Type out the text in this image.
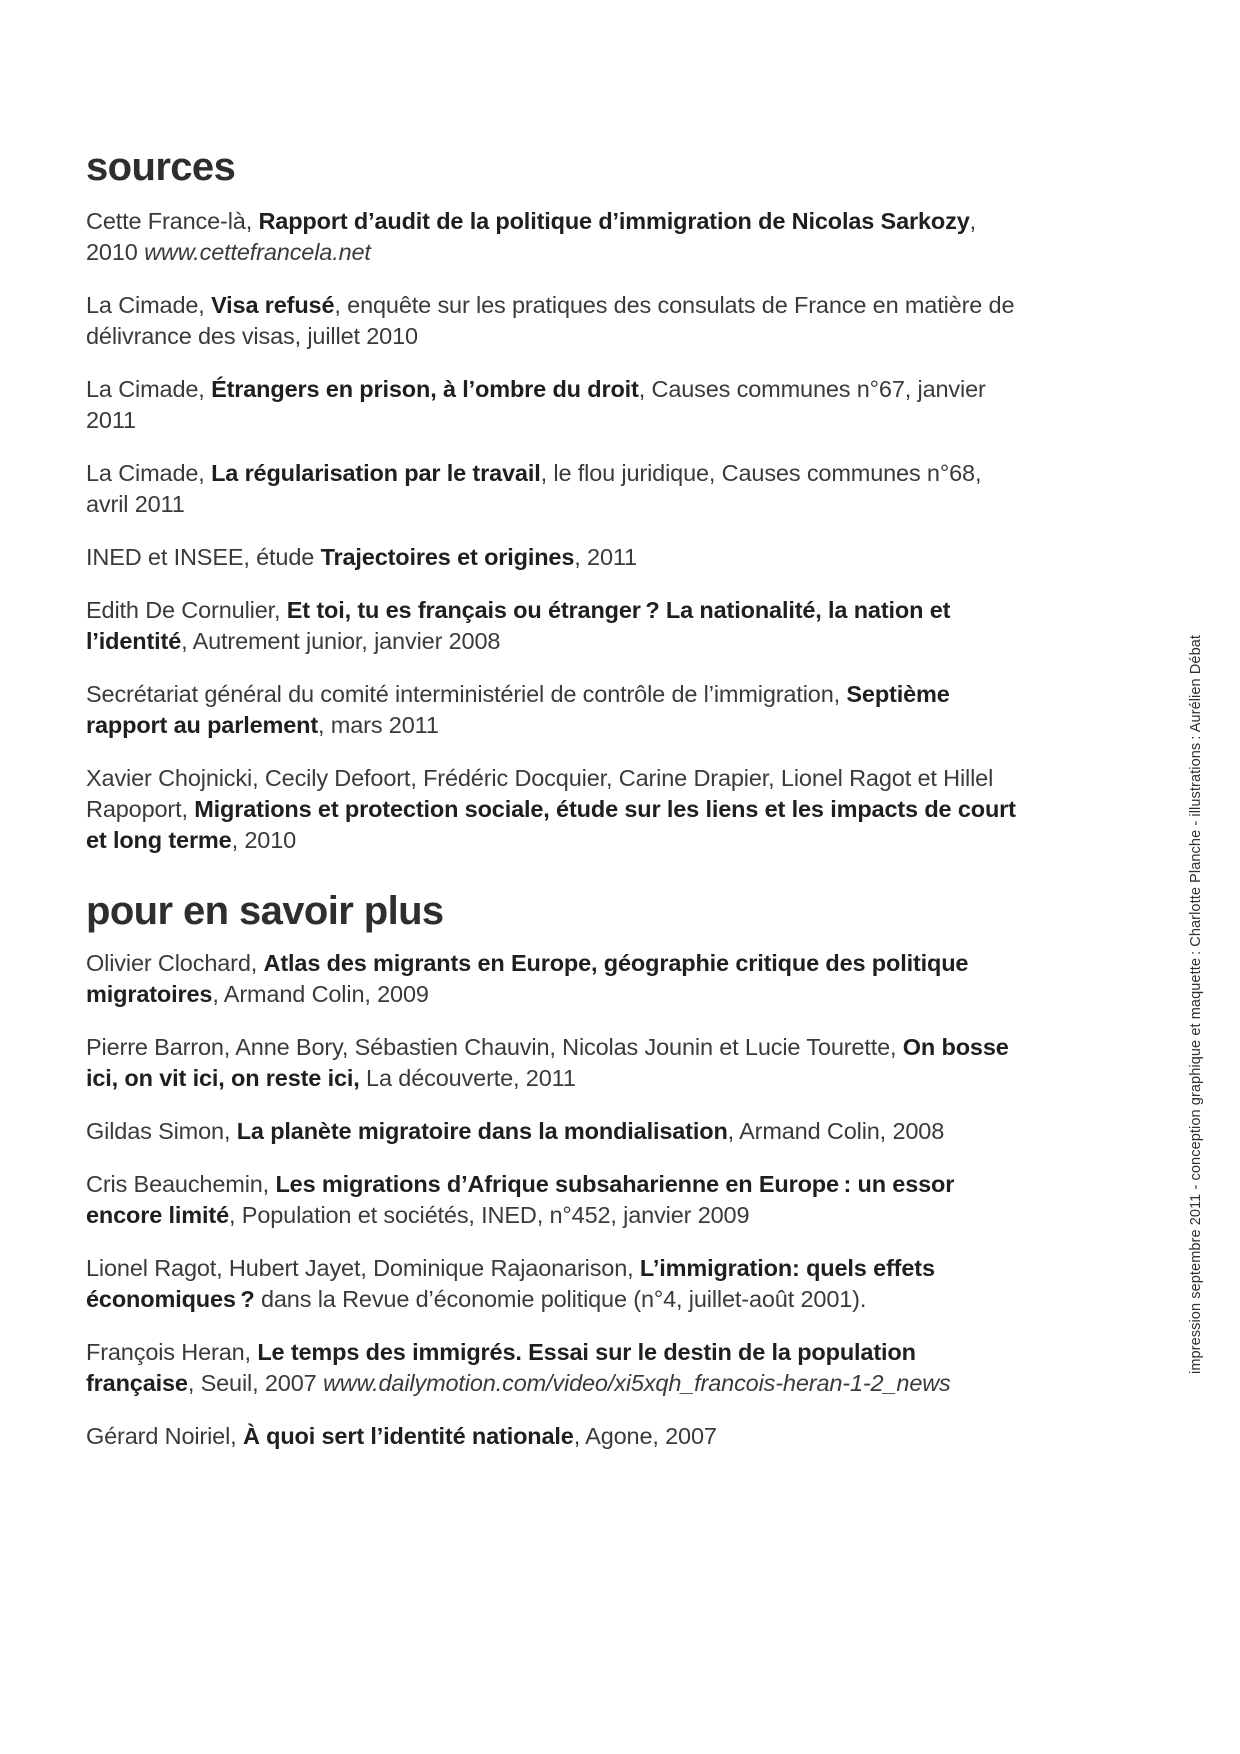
sources

Cette France-là, Rapport d’audit de la politique d’immigration de Nicolas Sarkozy, 2010 www.cettefrancela.net

La Cimade, Visa refusé, enquête sur les pratiques des consulats de France en matière de délivrance des visas, juillet 2010

La Cimade, Étrangers en prison, à l’ombre du droit, Causes communes n°67, janvier 2011

La Cimade, La régularisation par le travail, le flou juridique, Causes communes n°68, avril 2011

INED et INSEE, étude Trajectoires et origines, 2011

Edith De Cornulier, Et toi, tu es français ou étranger ? La nationalité, la nation et l’identité, Autrement junior, janvier 2008

Secrétariat général du comité interministériel de contrôle de l’immigration, Septième rapport au parlement, mars 2011

Xavier Chojnicki, Cecily Defoort, Frédéric Docquier, Carine Drapier, Lionel Ragot et Hillel Rapoport, Migrations et protection sociale, étude sur les liens et les impacts de court et long terme, 2010

pour en savoir plus

Olivier Clochard, Atlas des migrants en Europe, géographie critique des politique migratoires, Armand Colin, 2009

Pierre Barron, Anne Bory, Sébastien Chauvin, Nicolas Jounin et Lucie Tourette, On bosse ici, on vit ici, on reste ici, La découverte, 2011

Gildas Simon, La planète migratoire dans la mondialisation, Armand Colin, 2008

Cris Beauchemin, Les migrations d’Afrique subsaharienne en Europe : un essor encore limité, Population et sociétés, INED, n°452, janvier 2009

Lionel Ragot, Hubert Jayet, Dominique Rajaonarison, L’immigration: quels effets économiques ? dans la Revue d’économie politique (n°4, juillet-août 2001).

François Heran, Le temps des immigrés. Essai sur le destin de la population française, Seuil, 2007 www.dailymotion.com/video/xi5xqh_francois-heran-1-2_news

Gérard Noiriel, À quoi sert l’identité nationale, Agone, 2007

impression septembre 2011 - conception graphique et maquette : Charlotte Planche - illustrations : Aurélien Débat
